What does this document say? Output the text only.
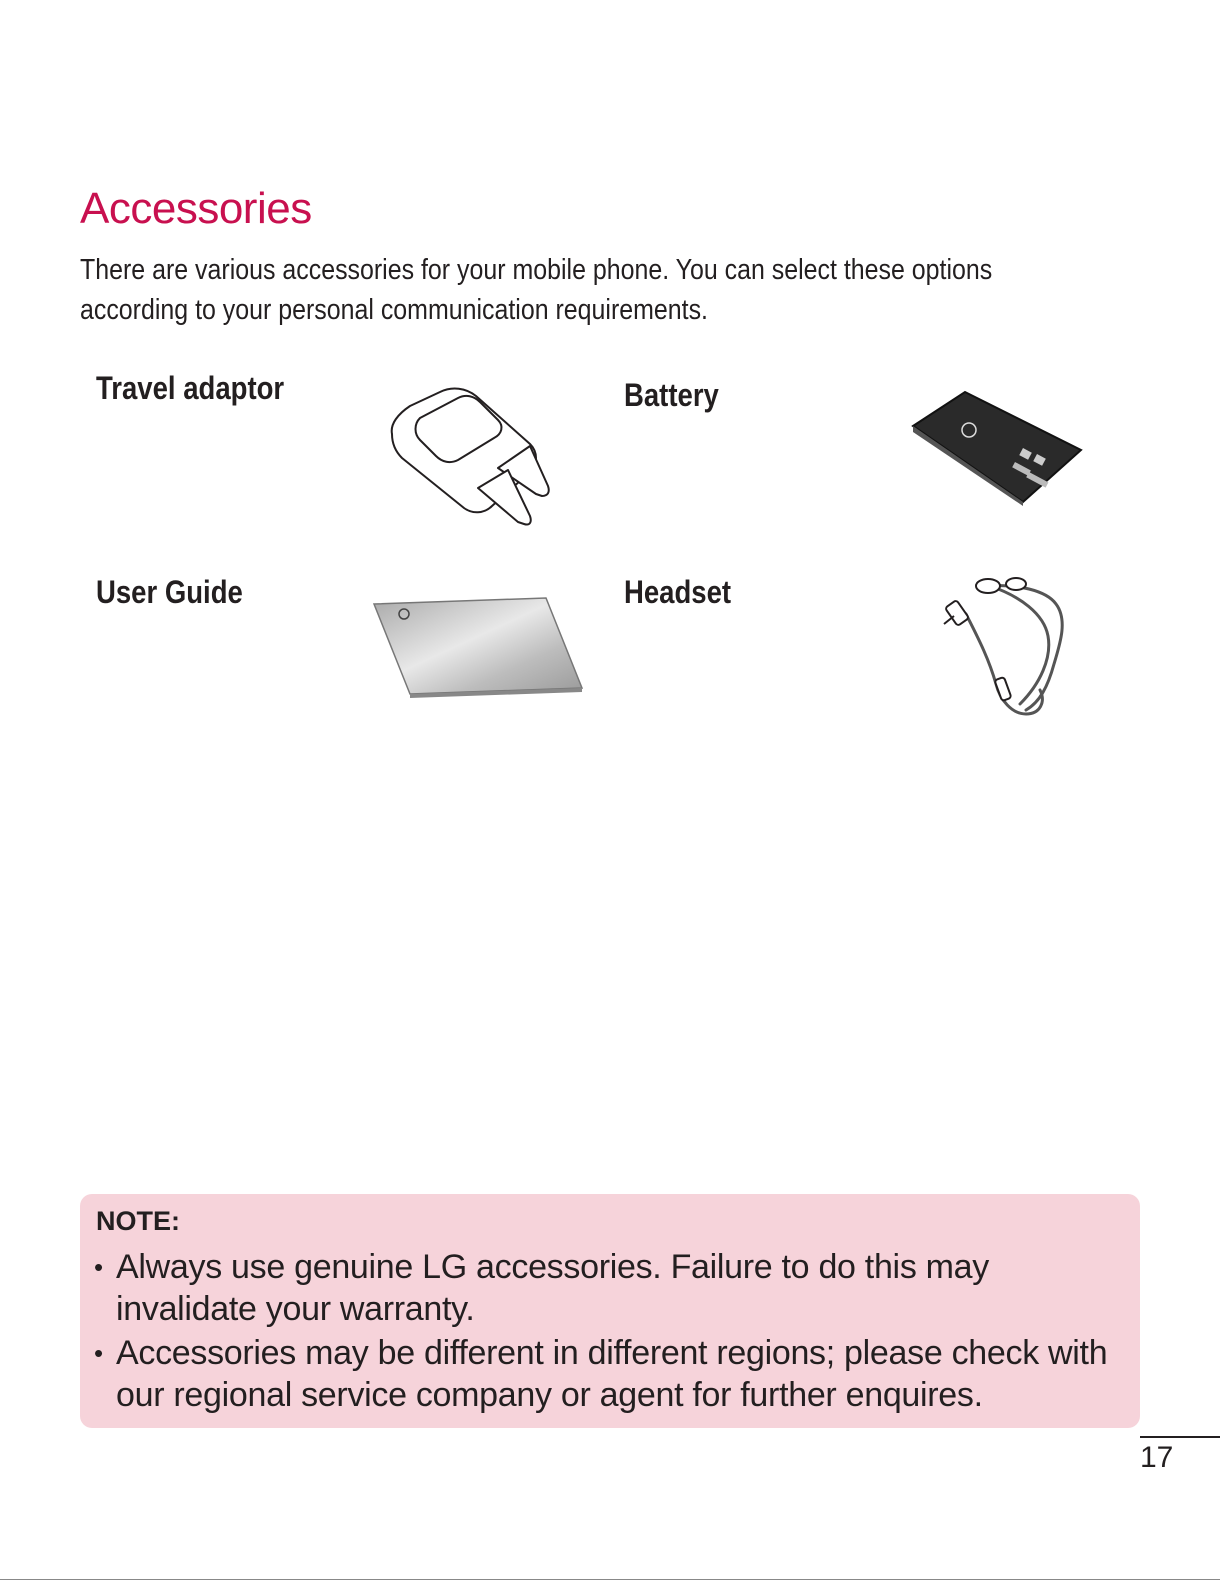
Accessories
There are various accessories for your mobile phone. You can select these options
according to your personal communication requirements.
Travel adaptor	Battery
User Guide	Headset
NOTE:
• Always use genuine LG accessories. Failure to do this may invalidate your warranty.
• Accessories may be different in different regions; please check with our regional service company or agent for further enquires.
17
